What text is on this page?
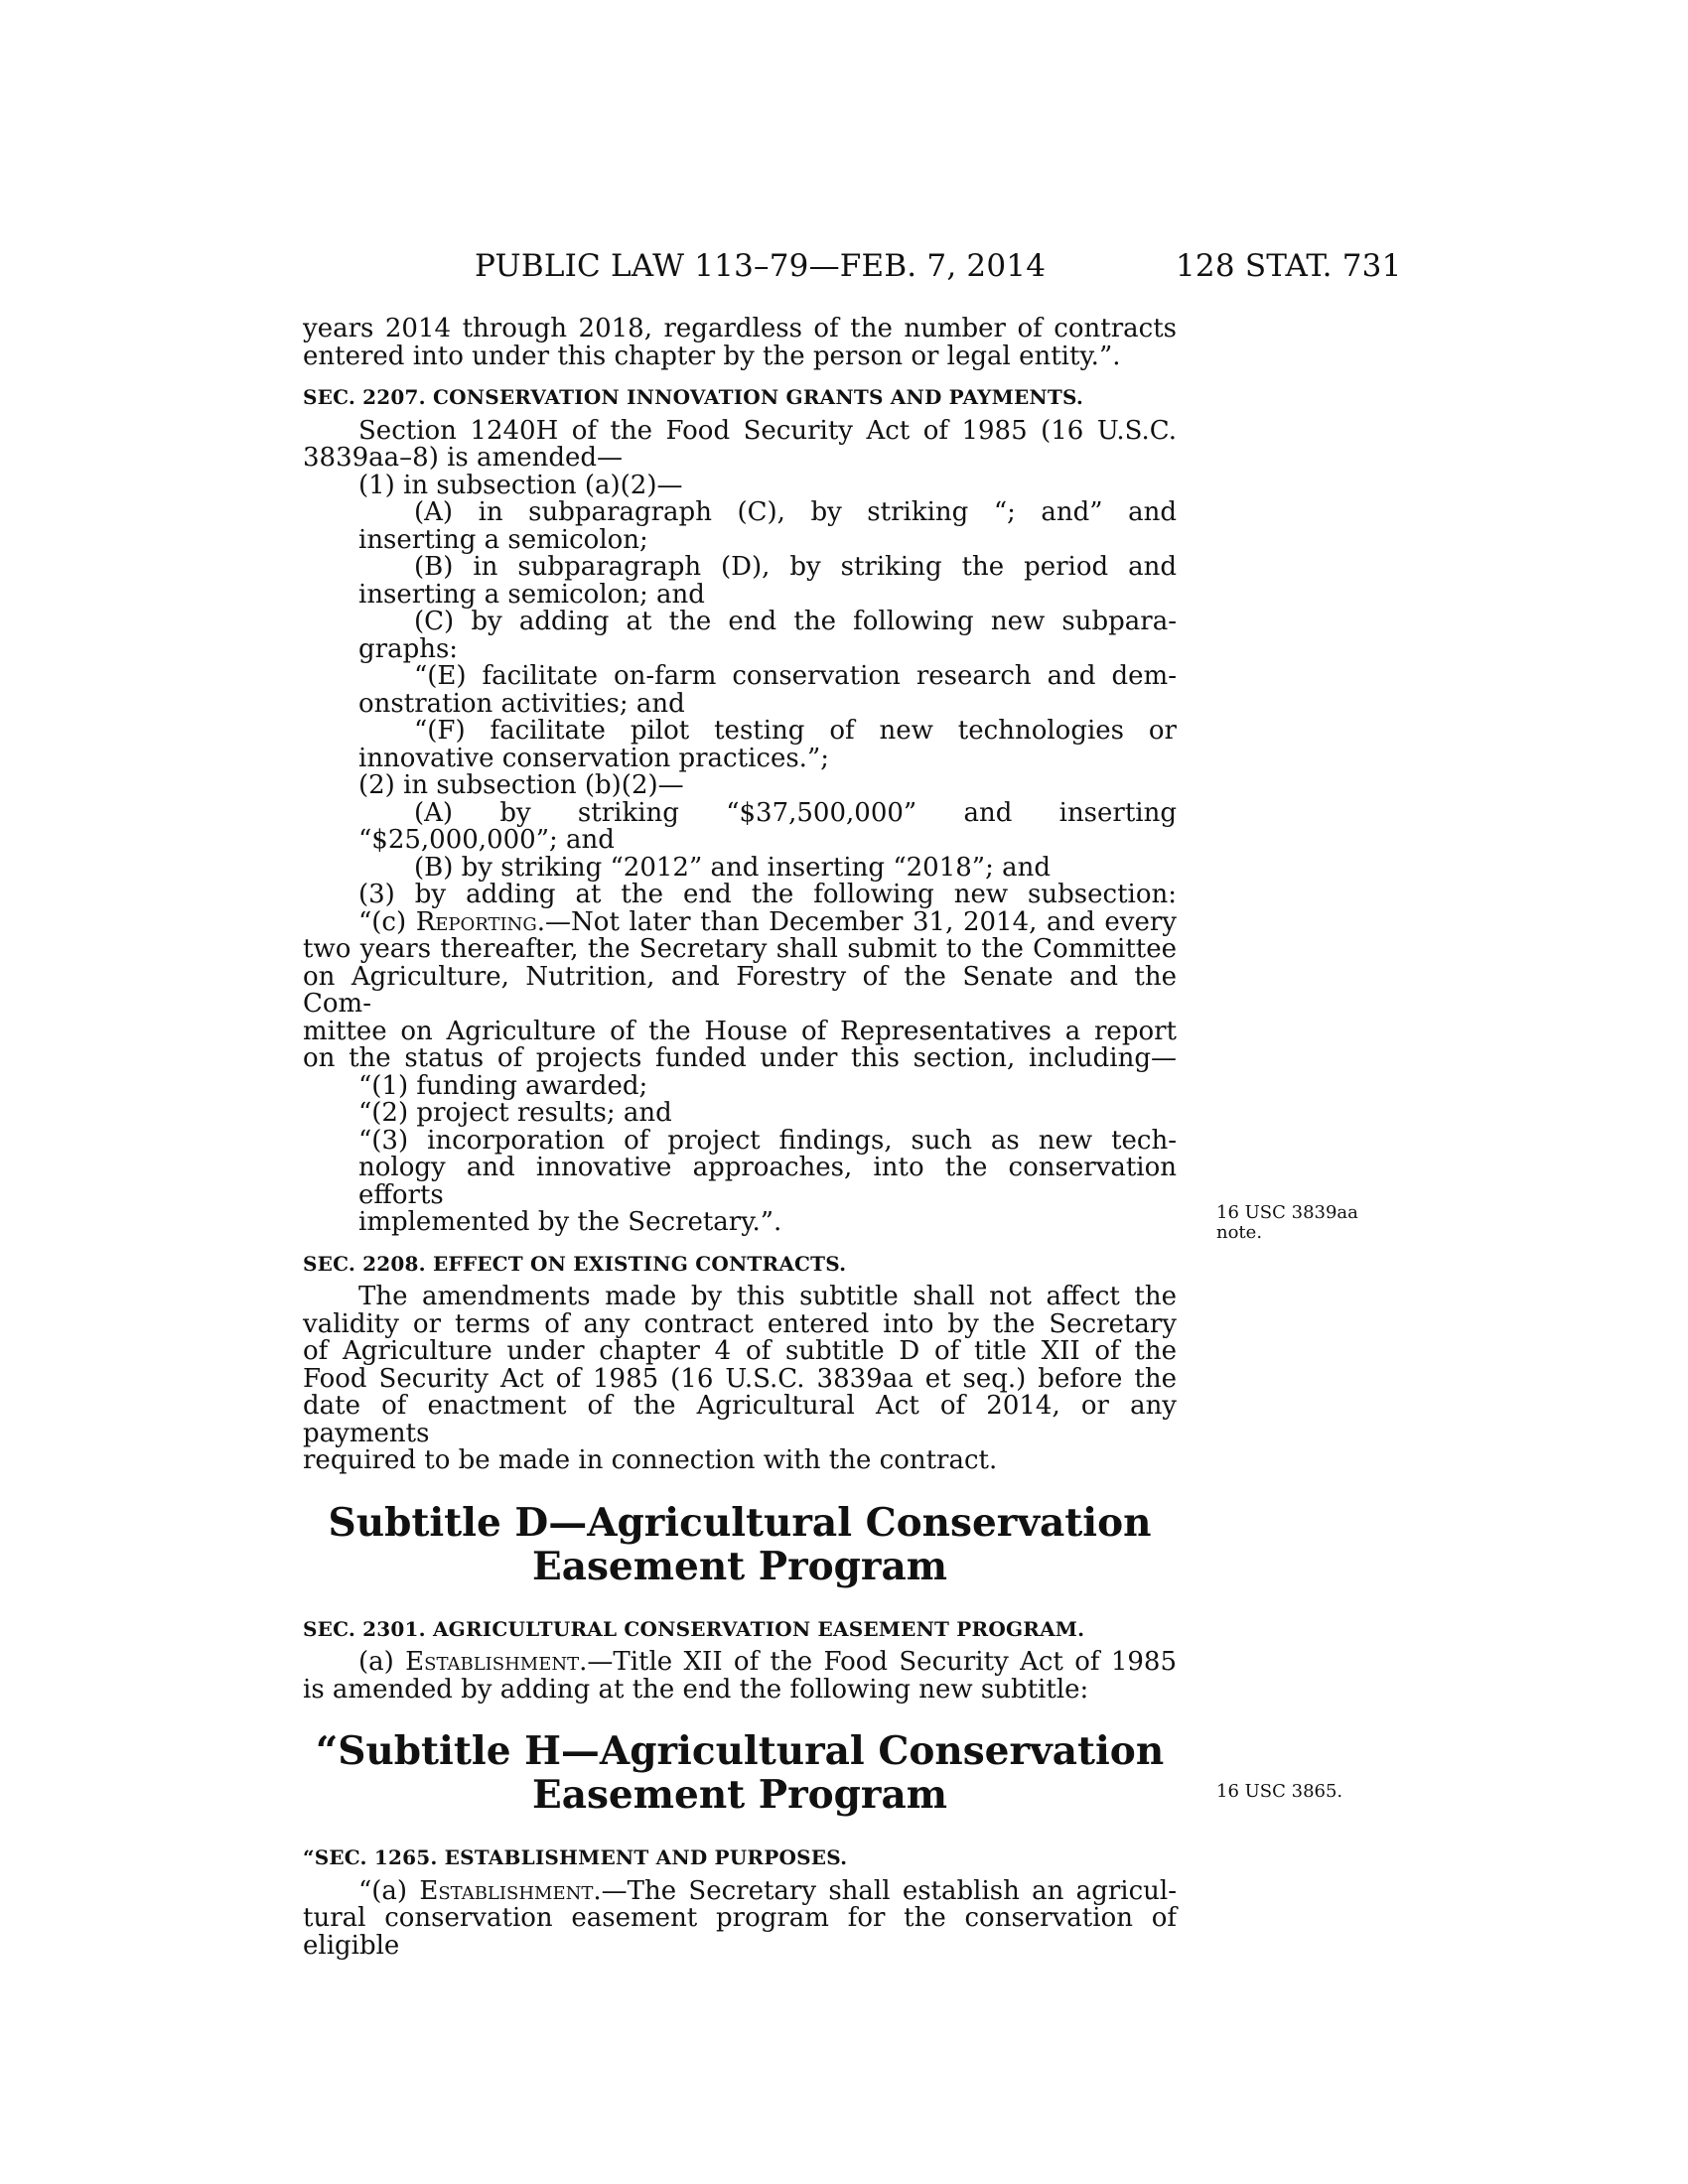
PUBLIC LAW 113–79—FEB. 7, 2014	128 STAT. 731

years 2014 through 2018, regardless of the number of contracts

entered into under this chapter by the person or legal entity.”.

SEC. 2207. CONSERVATION INNOVATION GRANTS AND PAYMENTS.

Section 1240H of the Food Security Act of 1985 (16 U.S.C.

3839aa–8) is amended—

(1) in subsection (a)(2)—

(A) in subparagraph (C), by striking “; and” and

inserting a semicolon;

(B) in subparagraph (D), by striking the period and

inserting a semicolon; and

(C) by adding at the end the following new subpara-

graphs:

“(E) facilitate on-farm conservation research and dem-

onstration activities; and

“(F) facilitate pilot testing of new technologies or

innovative conservation practices.”;

(2) in subsection (b)(2)—

(A) by striking “$37,500,000” and inserting

“$25,000,000”; and

(B) by striking “2012” and inserting “2018”; and

(3) by adding at the end the following new subsection:

“(c) Reporting.—Not later than December 31, 2014, and every

two years thereafter, the Secretary shall submit to the Committee

on Agriculture, Nutrition, and Forestry of the Senate and the Com-

mittee on Agriculture of the House of Representatives a report

on the status of projects funded under this section, including—

“(1) funding awarded;

“(2) project results; and

“(3) incorporation of project findings, such as new tech-

nology and innovative approaches, into the conservation efforts

implemented by the Secretary.”.

SEC. 2208. EFFECT ON EXISTING CONTRACTS.

The amendments made by this subtitle shall not affect the

validity or terms of any contract entered into by the Secretary

of Agriculture under chapter 4 of subtitle D of title XII of the

Food Security Act of 1985 (16 U.S.C. 3839aa et seq.) before the

date of enactment of the Agricultural Act of 2014, or any payments

required to be made in connection with the contract.

Subtitle D—Agricultural Conservation

Easement Program

SEC. 2301. AGRICULTURAL CONSERVATION EASEMENT PROGRAM.

(a) Establishment.—Title XII of the Food Security Act of 1985

is amended by adding at the end the following new subtitle:

“Subtitle H—Agricultural Conservation

Easement Program

“SEC. 1265. ESTABLISHMENT AND PURPOSES.

“(a) Establishment.—The Secretary shall establish an agricul-

tural conservation easement program for the conservation of eligible

16 USC 3839aa
note.
16 USC 3865.
